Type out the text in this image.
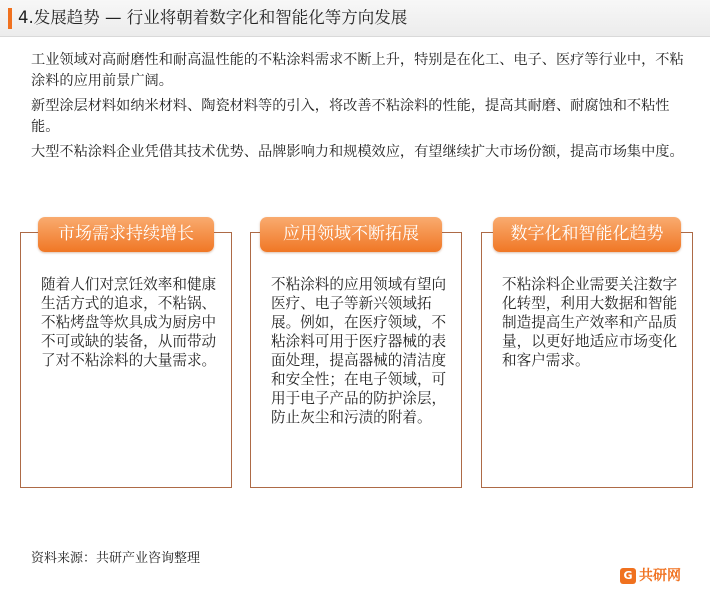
4.发展趋势 — 行业将朝着数字化和智能化等方向发展

工业领域对高耐磨性和耐高温性能的不粘涂料需求不断上升，特别是在化工、电子、医疗等行业中，不粘涂料的应用前景广阔。

新型涂层材料如纳米材料、陶瓷材料等的引入，将改善不粘涂料的性能，提高其耐磨、耐腐蚀和不粘性能。

大型不粘涂料企业凭借其技术优势、品牌影响力和规模效应，有望继续扩大市场份额，提高市场集中度。

随着人们对烹饪效率和健康生活方式的追求，不粘锅、不粘烤盘等炊具成为厨房中不可或缺的装备，从而带动了对不粘涂料的大量需求。
市场需求持续增长
不粘涂料的应用领域有望向医疗、电子等新兴领域拓展。例如，在医疗领域，不粘涂料可用于医疗器械的表面处理，提高器械的清洁度和安全性；在电子领域，可用于电子产品的防护涂层，防止灰尘和污渍的附着。
应用领域不断拓展
不粘涂料企业需要关注数字化转型，利用大数据和智能制造提高生产效率和产品质量，以更好地适应市场变化和客户需求。
数字化和智能化趋势
资料来源：共研产业咨询整理
G 共研网
